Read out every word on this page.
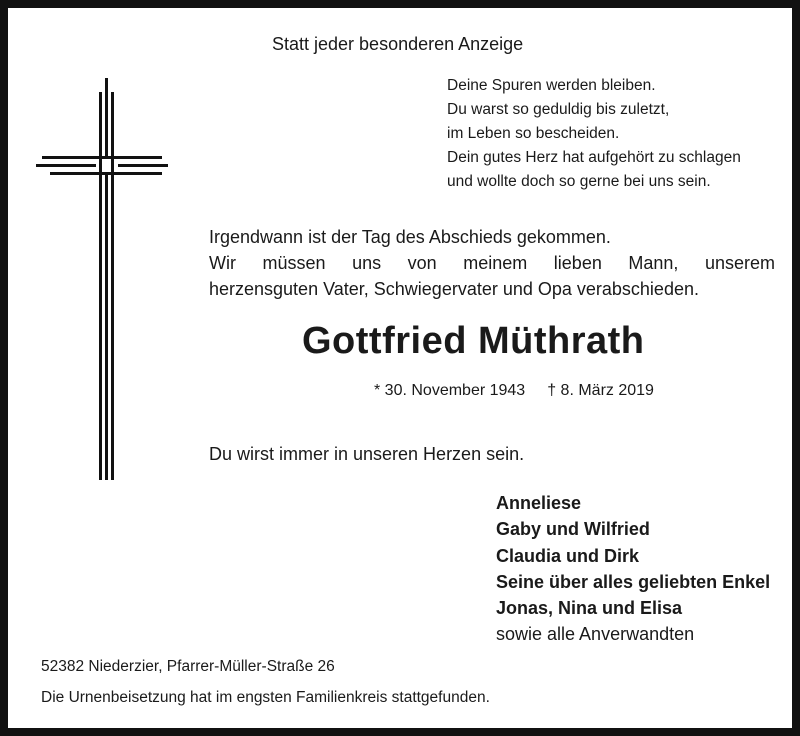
Statt jeder besonderen Anzeige
Deine Spuren werden bleiben.
Du warst so geduldig bis zuletzt,
im Leben so bescheiden.
Dein gutes Herz hat aufgehört zu schlagen
und wollte doch so gerne bei uns sein.
Irgendwann ist der Tag des Abschieds gekommen.
Wir müssen uns von meinem lieben Mann, unserem
herzensguten Vater, Schwiegervater und Opa verabschieden.
Gottfried Müthrath
* 30. November 1943 † 8. März 2019
Du wirst immer in unseren Herzen sein.
Anneliese
Gaby und Wilfried
Claudia und Dirk
Seine über alles geliebten Enkel
Jonas, Nina und Elisa
sowie alle Anverwandten
52382 Niederzier, Pfarrer-Müller-Straße 26
Die Urnenbeisetzung hat im engsten Familienkreis stattgefunden.
